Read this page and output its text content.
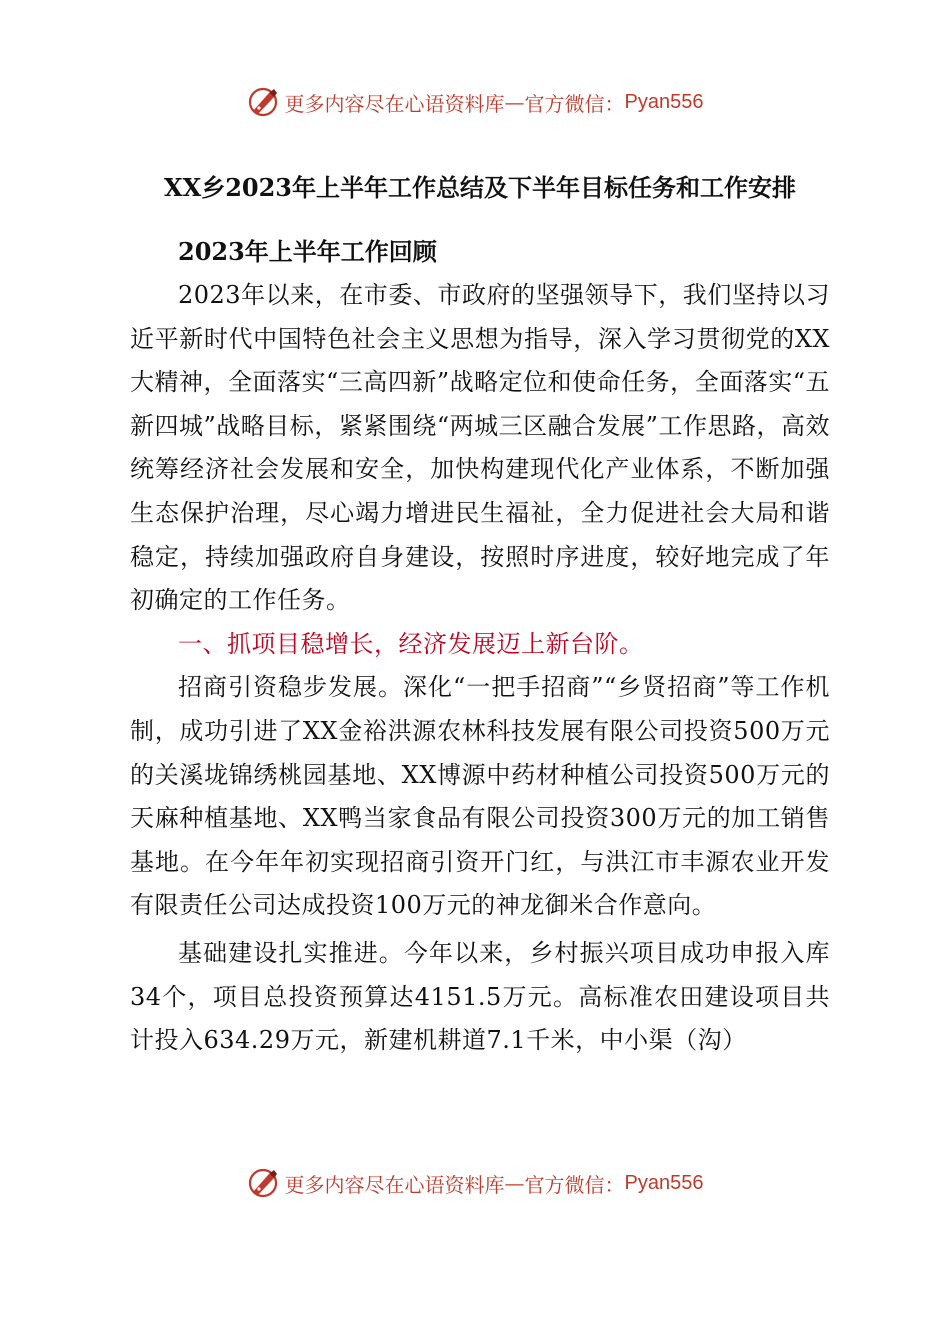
更多内容尽在心语资料库 — 官方微信： Pyan556
XX乡2023年上半年工作总结及下半年目标任务和工作安排
2023年上半年工作回顾

2023年以来，在市委、市政府的坚强领导下，我们坚持以习近平新时代中国特色社会主义思想为指导，深入学习贯彻党的XX大精神，全面落实“三高四新”战略定位和使命任务，全面落实“五新四城”战略目标，紧紧围绕“两城三区融合发展”工作思路，高效统筹经济社会发展和安全，加快构建现代化产业体系，不断加强生态保护治理，尽心竭力增进民生福祉，全力促进社会大局和谐稳定，持续加强政府自身建设，按照时序进度，较好地完成了年初确定的工作任务。

一、抓项目稳增长，经济发展迈上新台阶。

招商引资稳步发展。深化“一把手招商”“乡贤招商”等工作机制，成功引进了XX金裕洪源农林科技发展有限公司投资500万元的关溪垅锦绣桃园基地、XX博源中药材种植公司投资500万元的天麻种植基地、XX鸭当家食品有限公司投资300万元的加工销售基地。在今年年初实现招商引资开门红，与洪江市丰源农业开发有限责任公司达成投资100万元的神龙御米合作意向。

基础建设扎实推进。今年以来，乡村振兴项目成功申报入库34个，项目总投资预算达4151.5万元。高标准农田建设项目共计投入634.29万元，新建机耕道7.1千米，中小渠（沟）

更多内容尽在心语资料库 — 官方微信： Pyan556
